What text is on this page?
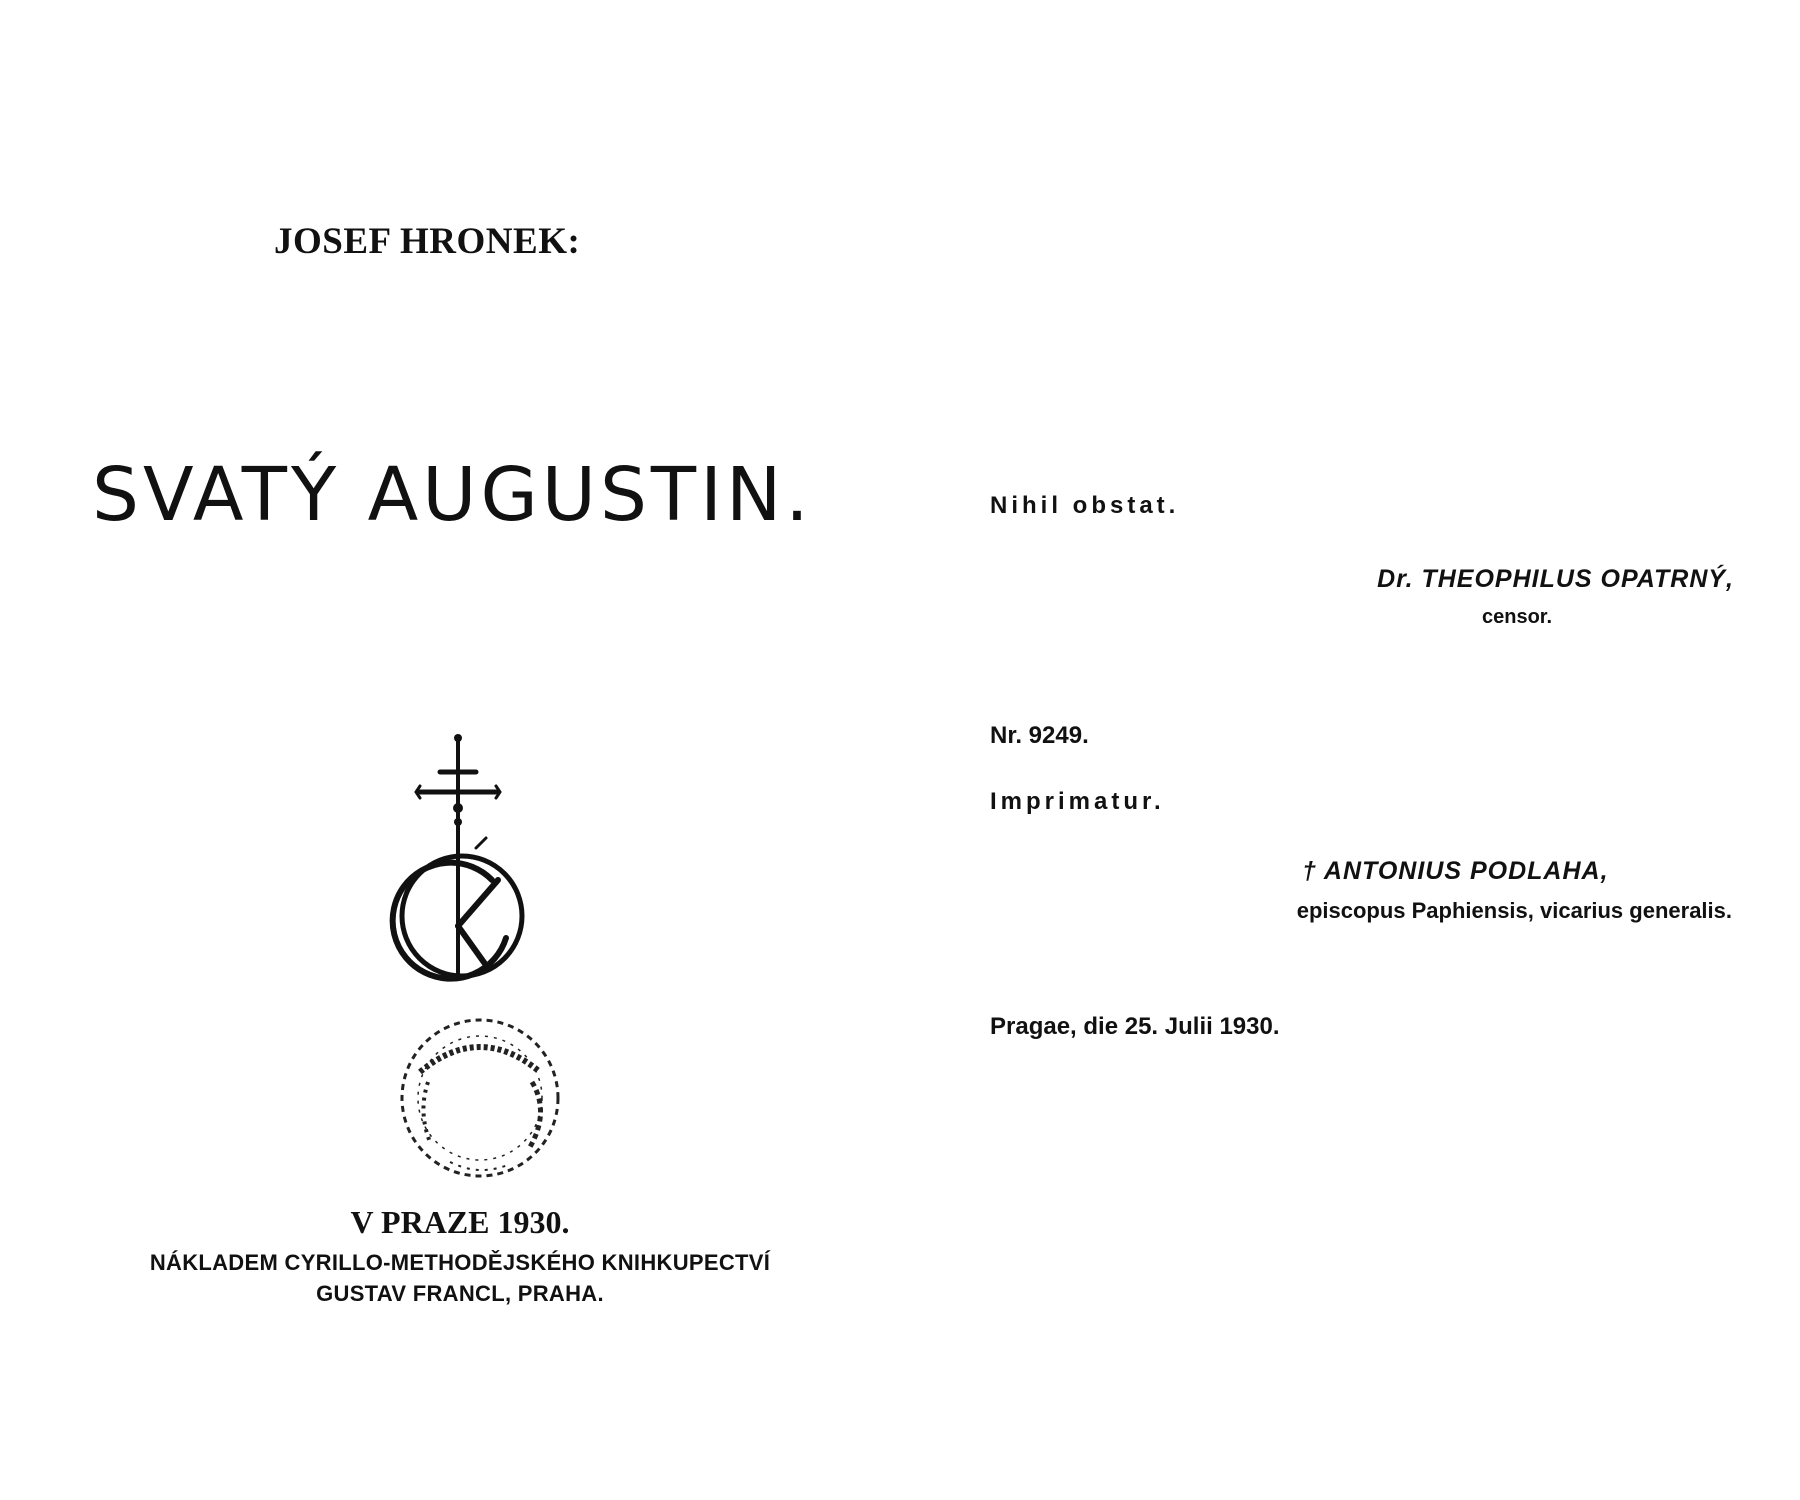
JOSEF HRONEK:
SVATÝ AUGUSTIN.
V PRAZE 1930.
NÁKLADEM CYRILLO-METHODĚJSKÉHO KNIHKUPECTVÍ
GUSTAV FRANCL, PRAHA.
Nihil obstat.
Dr. THEOPHILUS OPATRNÝ,
censor.
Nr. 9249.
Imprimatur.
† ANTONIUS PODLAHA,
episcopus Paphiensis, vicarius generalis.
Pragae, die 25. Julii 1930.
